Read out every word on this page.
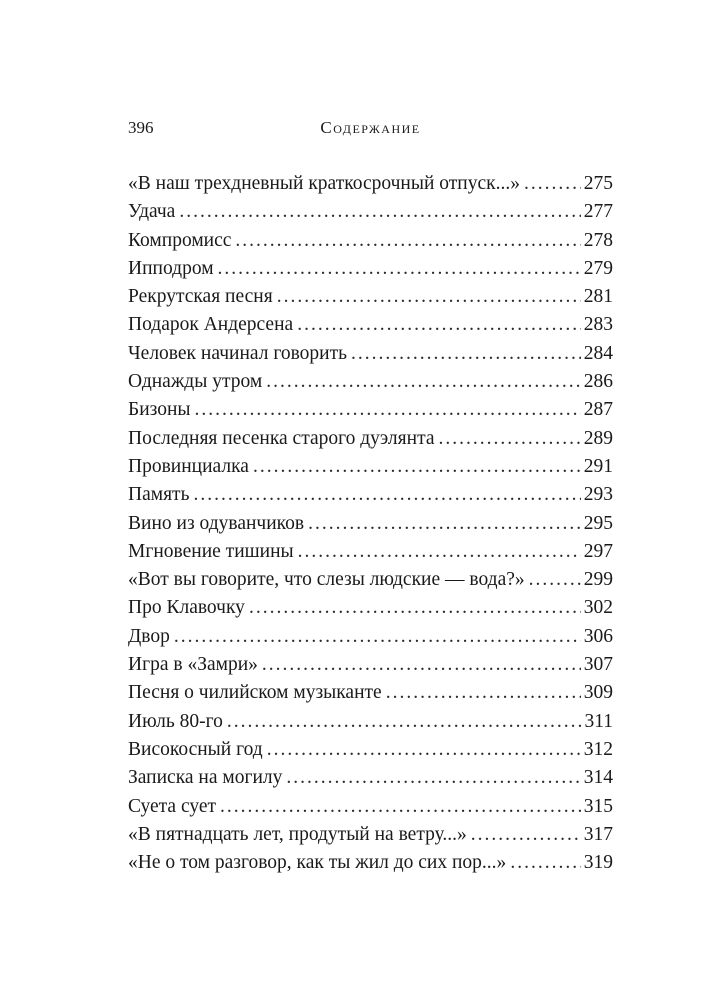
396	Содержание
«В наш трехдневный краткосрочный отпуск...» .....	275
Удача .....	277
Компромисс .....	278
Ипподром .....	279
Рекрутская песня .....	281
Подарок Андерсена .....	283
Человек начинал говорить .....	284
Однажды утром .....	286
Бизоны .....	287
Последняя песенка старого дуэлянта .....	289
Провинциалка .....	291
Память .....	293
Вино из одуванчиков .....	295
Мгновение тишины .....	297
«Вот вы говорите, что слезы людские — вода?» .....	299
Про Клавочку .....	302
Двор .....	306
Игра в «Замри» .....	307
Песня о чилийском музыканте .....	309
Июль 80-го .....	311
Високосный год .....	312
Записка на могилу .....	314
Суета сует .....	315
«В пятнадцать лет, продутый на ветру...» .....	317
«Не о том разговор, как ты жил до сих пор...» .....	319
